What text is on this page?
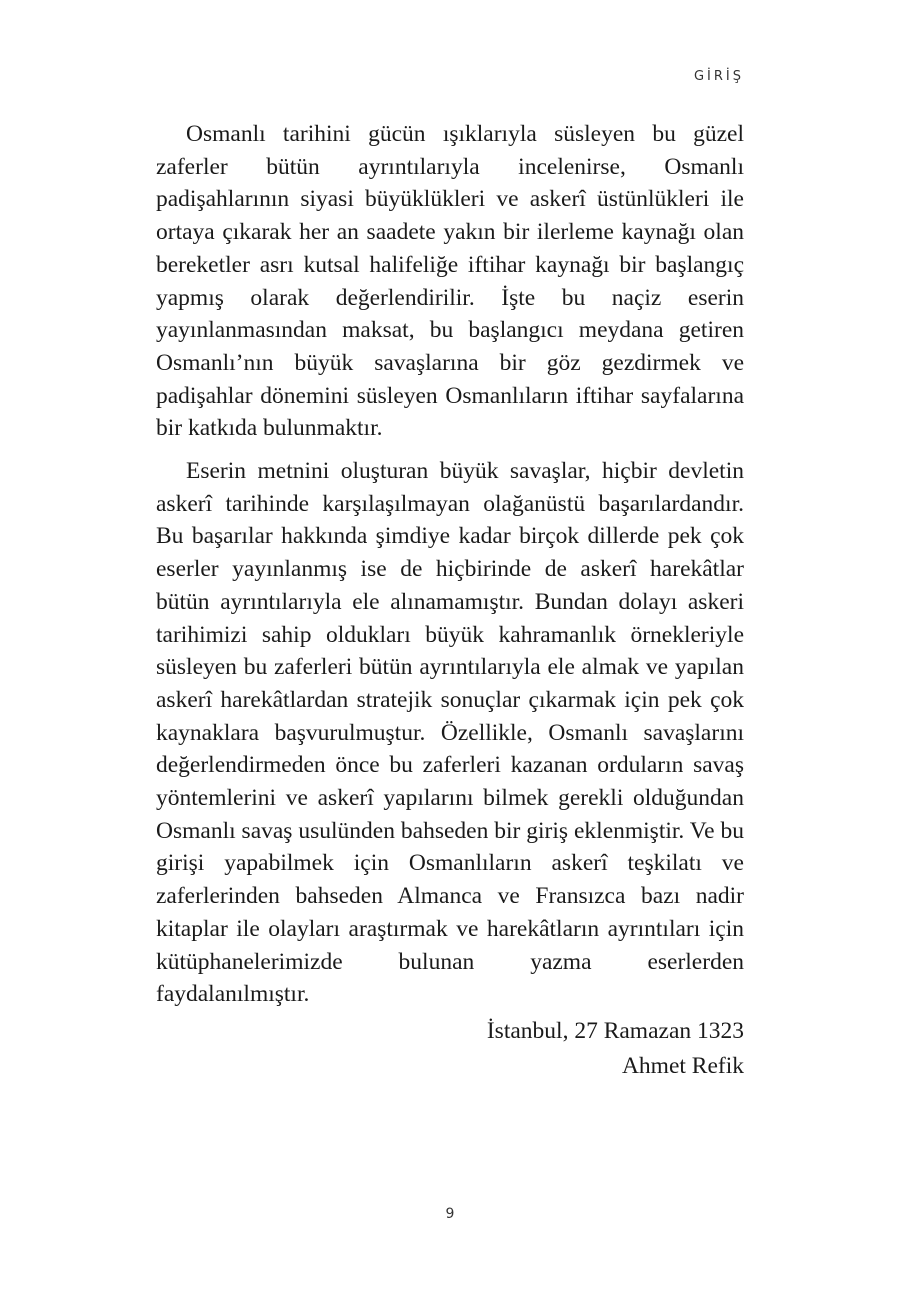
GİRİŞ

Osmanlı tarihini gücün ışıklarıyla süsleyen bu güzel zaferler bütün ayrıntılarıyla incelenirse, Osmanlı padişahlarının siyasi büyüklükleri ve askerî üstünlükleri ile ortaya çıkarak her an saadete yakın bir ilerleme kaynağı olan bereketler asrı kutsal halifeliğe iftihar kaynağı bir başlangıç yapmış olarak değerlendirilir. İşte bu naçiz eserin yayınlanmasından maksat, bu başlangıcı meydana getiren Osmanlı’nın büyük savaşlarına bir göz gezdirmek ve padişahlar dönemini süsleyen Osmanlıların iftihar sayfalarına bir katkıda bulunmaktır.

Eserin metnini oluşturan büyük savaşlar, hiçbir devletin askerî tarihinde karşılaşılmayan olağanüstü başarılardandır. Bu başarılar hakkında şimdiye kadar birçok dillerde pek çok eserler yayınlanmış ise de hiçbirinde de askerî harekâtlar bütün ayrıntılarıyla ele alınamamıştır. Bundan dolayı askeri tarihimizi sahip oldukları büyük kahramanlık örnekleriyle süsleyen bu zaferleri bütün ayrıntılarıyla ele almak ve yapılan askerî harekâtlardan stratejik sonuçlar çıkarmak için pek çok kaynaklara başvurulmuştur. Özellikle, Osmanlı savaşlarını değerlendirmeden önce bu zaferleri kazanan orduların savaş yöntemlerini ve askerî yapılarını bilmek gerekli olduğundan Osmanlı savaş usulünden bahseden bir giriş eklenmiştir. Ve bu girişi yapabilmek için Osmanlıların askerî teşkilatı ve zaferlerinden bahseden Almanca ve Fransızca bazı nadir kitaplar ile olayları araştırmak ve harekâtların ayrıntıları için kütüphanelerimizde bulunan yazma eserlerden faydalanılmıştır.

İstanbul, 27 Ramazan 1323
Ahmet Refik
9
